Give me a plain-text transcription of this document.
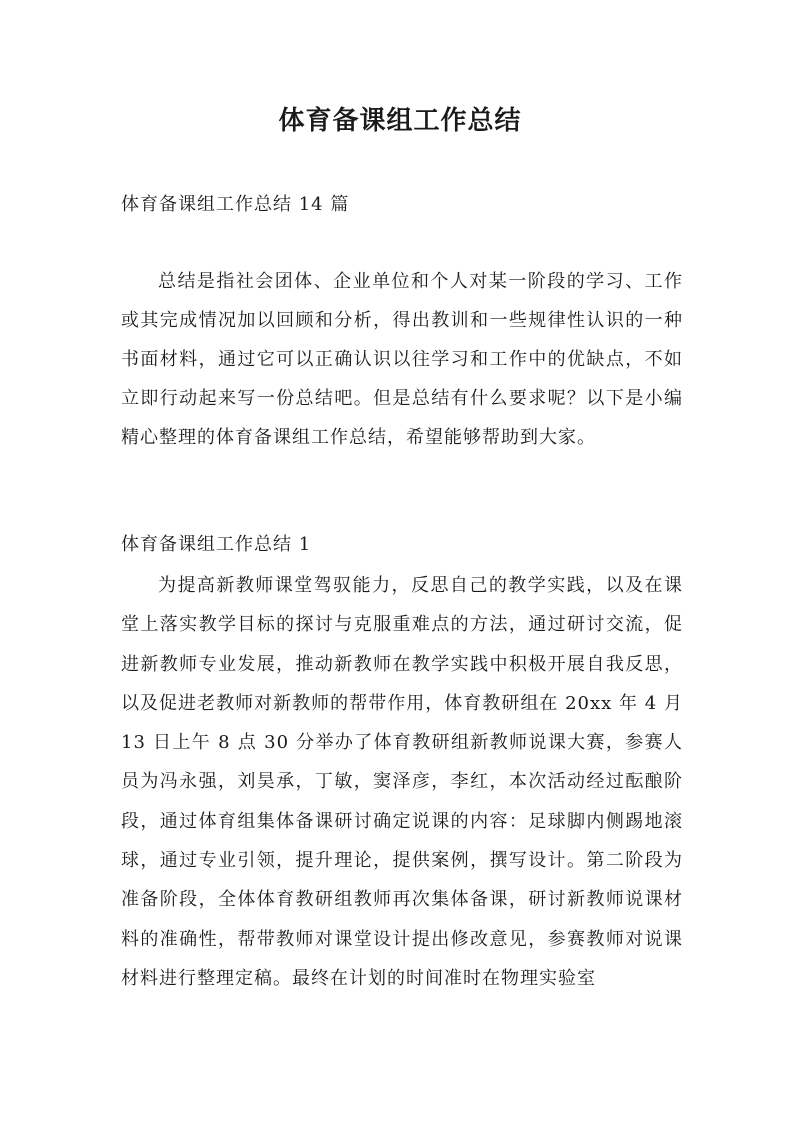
体育备课组工作总结

体育备课组工作总结 14 篇

总结是指社会团体、企业单位和个人对某一阶段的学习、工作或其完成情况加以回顾和分析，得出教训和一些规律性认识的一种书面材料，通过它可以正确认识以往学习和工作中的优缺点，不如立即行动起来写一份总结吧。但是总结有什么要求呢？以下是小编精心整理的体育备课组工作总结，希望能够帮助到大家。

体育备课组工作总结 1

为提高新教师课堂驾驭能力，反思自己的教学实践，以及在课堂上落实教学目标的探讨与克服重难点的方法，通过研讨交流，促进新教师专业发展，推动新教师在教学实践中积极开展自我反思，以及促进老教师对新教师的帮带作用，体育教研组在 20xx 年 4 月 13 日上午 8 点 30 分举办了体育教研组新教师说课大赛，参赛人员为冯永强，刘昊承，丁敏，窦泽彦，李红，本次活动经过酝酿阶段，通过体育组集体备课研讨确定说课的内容：足球脚内侧踢地滚球，通过专业引领，提升理论，提供案例，撰写设计。第二阶段为准备阶段，全体体育教研组教师再次集体备课，研讨新教师说课材料的准确性，帮带教师对课堂设计提出修改意见，参赛教师对说课材料进行整理定稿。最终在计划的时间准时在物理实验室
